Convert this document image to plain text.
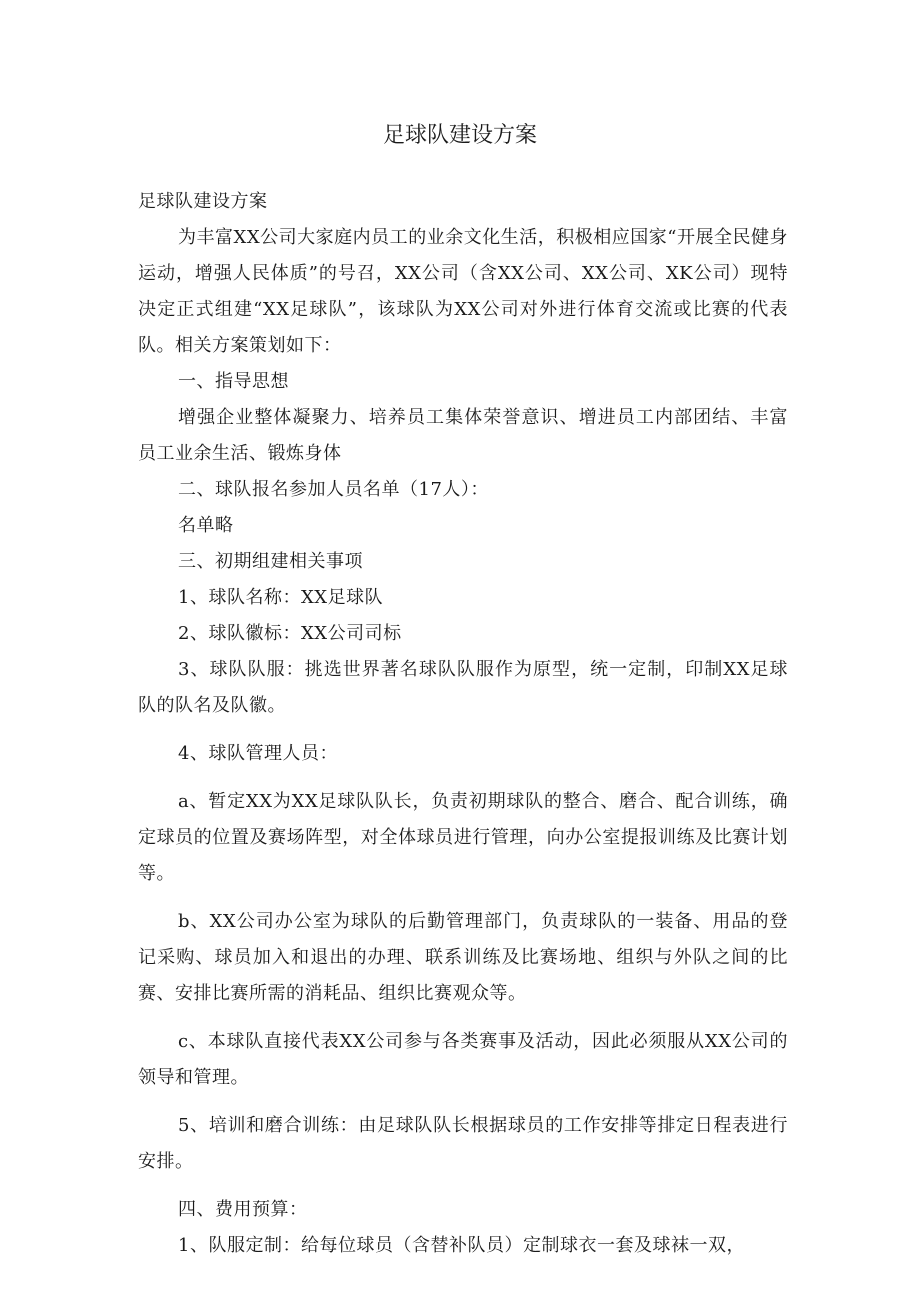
足球队建设方案

足球队建设方案

为丰富XX公司大家庭内员工的业余文化生活，积极相应国家“开展全民健身运动，增强人民体质”的号召，XX公司（含XX公司、XX公司、XK公司）现特决定正式组建“XX足球队”，该球队为XX公司对外进行体育交流或比赛的代表队。相关方案策划如下：

一、指导思想

增强企业整体凝聚力、培养员工集体荣誉意识、增进员工内部团结、丰富员工业余生活、锻炼身体

二、球队报名参加人员名单（17人）：

名单略

三、初期组建相关事项

1、球队名称：XX足球队

2、球队徽标：XX公司司标

3、球队队服：挑选世界著名球队队服作为原型，统一定制，印制XX足球队的队名及队徽。

4、球队管理人员：

a、暂定XX为XX足球队队长，负责初期球队的整合、磨合、配合训练，确定球员的位置及赛场阵型，对全体球员进行管理，向办公室提报训练及比赛计划等。

b、XX公司办公室为球队的后勤管理部门，负责球队的一装备、用品的登记采购、球员加入和退出的办理、联系训练及比赛场地、组织与外队之间的比赛、安排比赛所需的消耗品、组织比赛观众等。

c、本球队直接代表XX公司参与各类赛事及活动，因此必须服从XX公司的领导和管理。

5、培训和磨合训练：由足球队队长根据球员的工作安排等排定日程表进行安排。

四、费用预算：

1、队服定制：给每位球员（含替补队员）定制球衣一套及球袜一双，
